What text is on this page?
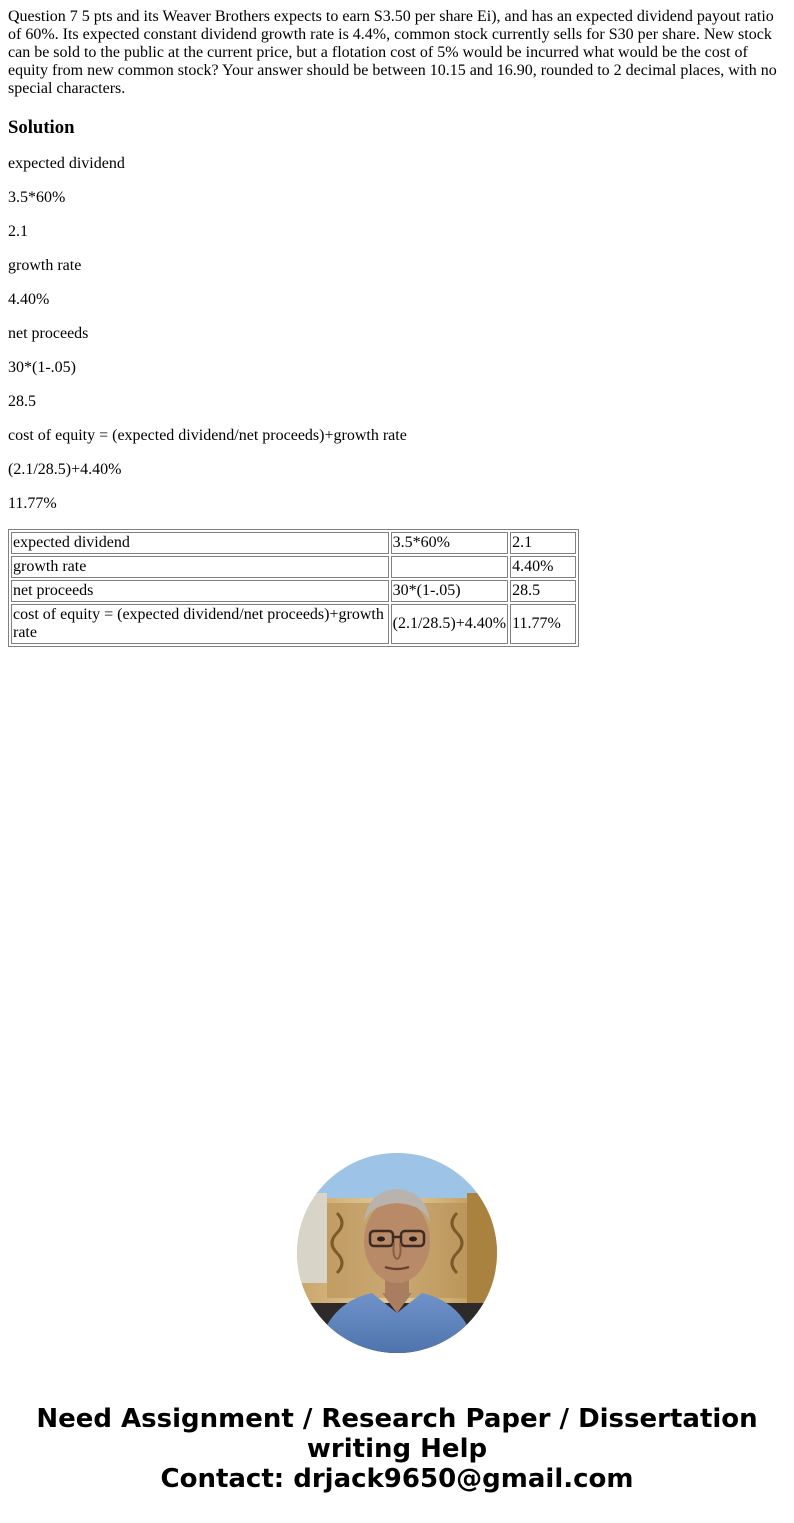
Question 7 5 pts and its Weaver Brothers expects to earn S3.50 per share Ei), and has an expected dividend payout ratio of 60%. Its expected constant dividend growth rate is 4.4%, common stock currently sells for S30 per share. New stock can be sold to the public at the current price, but a flotation cost of 5% would be incurred what would be the cost of equity from new common stock? Your answer should be between 10.15 and 16.90, rounded to 2 decimal places, with no special characters.

Solution

expected dividend

3.5*60%

2.1

growth rate

4.40%

net proceeds

30*(1-.05)

28.5

cost of equity = (expected dividend/net proceeds)+growth rate

(2.1/28.5)+4.40%

11.77%

expected dividend	3.5*60%	2.1
growth rate		4.40%
net proceeds	30*(1-.05)	28.5
cost of equity = (expected dividend/net proceeds)+growth rate	(2.1/28.5)+4.40%	11.77%
Need Assignment / Research Paper / Dissertation
writing Help
Contact: drjack9650@gmail.com
